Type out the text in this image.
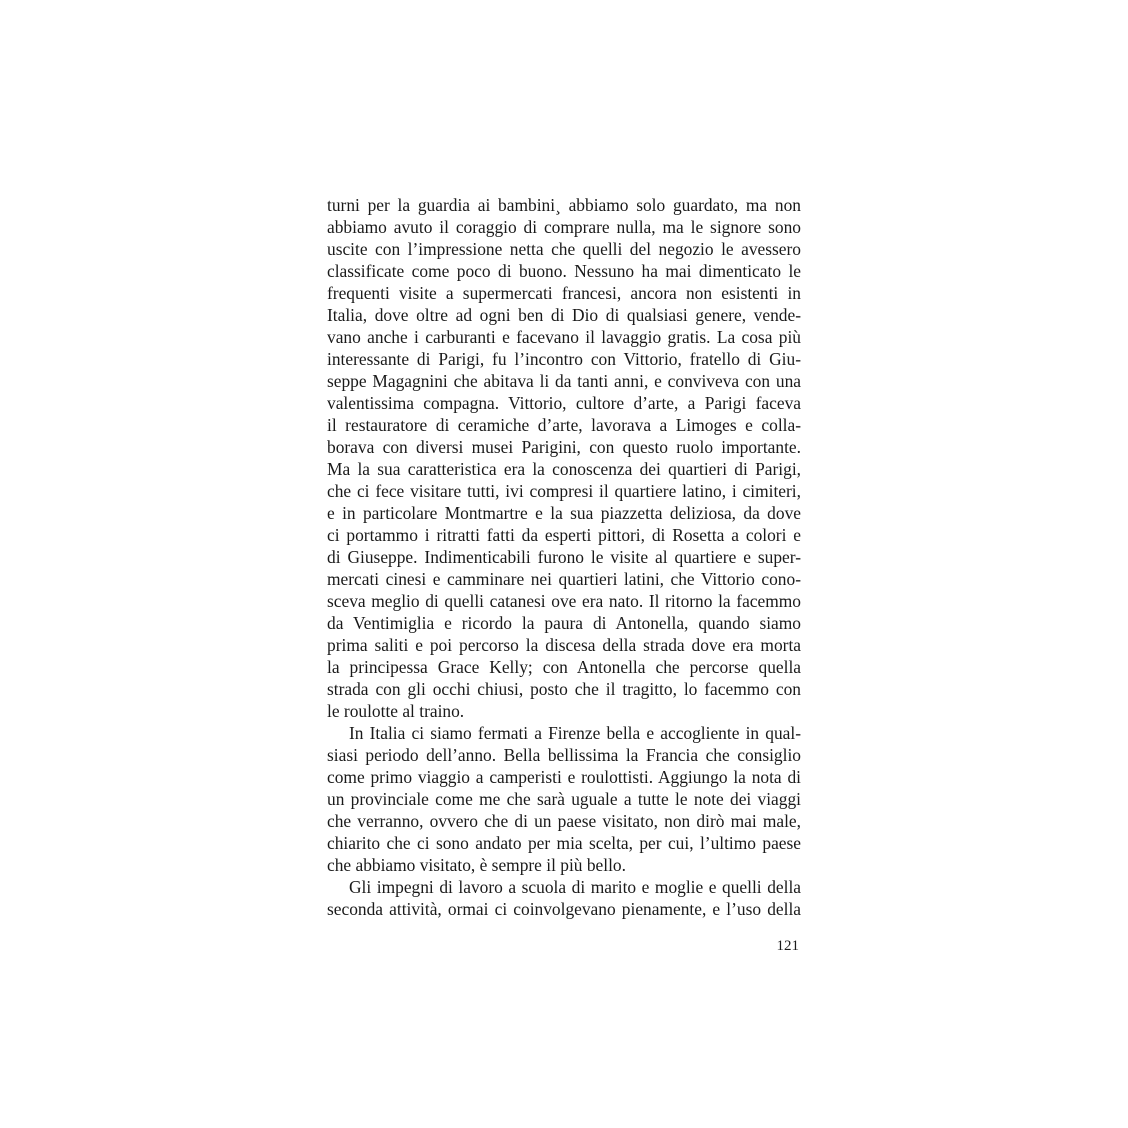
turni per la guardia ai bambini¸ abbiamo solo guardato, ma non
abbiamo avuto il coraggio di comprare nulla, ma le signore sono
uscite con l’impressione netta che quelli del negozio le avessero
classificate come poco di buono. Nessuno ha mai dimenticato le
frequenti visite a supermercati francesi, ancora non esistenti in
Italia, dove oltre ad ogni ben di Dio di qualsiasi genere, vende-
vano anche i carburanti e facevano il lavaggio gratis. La cosa più
interessante di Parigi, fu l’incontro con Vittorio, fratello di Giu-
seppe Magagnini che abitava li da tanti anni, e conviveva con una
valentissima compagna. Vittorio, cultore d’arte, a Parigi faceva
il restauratore di ceramiche d’arte, lavorava a Limoges e colla-
borava con diversi musei Parigini, con questo ruolo importante.
Ma la sua caratteristica era la conoscenza dei quartieri di Parigi,
che ci fece visitare tutti, ivi compresi il quartiere latino, i cimiteri,
e in particolare Montmartre e la sua piazzetta deliziosa, da dove
ci portammo i ritratti fatti da esperti pittori, di Rosetta a colori e
di Giuseppe. Indimenticabili furono le visite al quartiere e super-
mercati cinesi e camminare nei quartieri latini, che Vittorio cono-
sceva meglio di quelli catanesi ove era nato. Il ritorno la facemmo
da Ventimiglia e ricordo la paura di Antonella, quando siamo
prima saliti e poi percorso la discesa della strada dove era morta
la principessa Grace Kelly; con Antonella che percorse quella
strada con gli occhi chiusi, posto che il tragitto, lo facemmo con
le roulotte al traino.
In Italia ci siamo fermati a Firenze bella e accogliente in qual-
siasi periodo dell’anno. Bella bellissima la Francia che consiglio
come primo viaggio a camperisti e roulottisti. Aggiungo la nota di
un provinciale come me che sarà uguale a tutte le note dei viaggi
che verranno, ovvero che di un paese visitato, non dirò mai male,
chiarito che ci sono andato per mia scelta, per cui, l’ultimo paese
che abbiamo visitato, è sempre il più bello.
Gli impegni di lavoro a scuola di marito e moglie e quelli della
seconda attività, ormai ci coinvolgevano pienamente, e l’uso della
121
